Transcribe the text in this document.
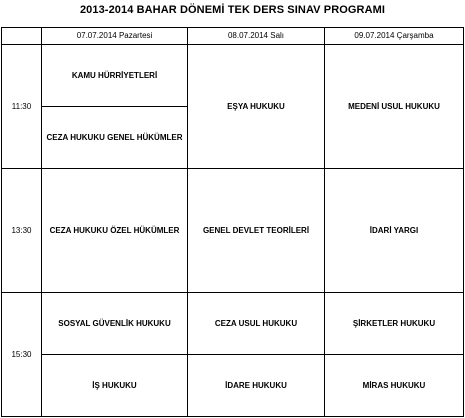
2013-2014 BAHAR DÖNEMİ TEK DERS SINAV PROGRAMI
	07.07.2014 Pazartesi	08.07.2014 Salı	09.07.2014 Çarşamba
11:30	KAMU HÜRRİYETLERİ	EŞYA HUKUKU	MEDENİ USUL HUKUKU
	CEZA HUKUKU GENEL HÜKÜMLER		
13:30	CEZA HUKUKU ÖZEL HÜKÜMLER	GENEL DEVLET TEORİLERİ	İDARİ YARGI
15:30	SOSYAL GÜVENLİK HUKUKU	CEZA USUL HUKUKU	ŞİRKETLER HUKUKU
	İŞ HUKUKU	İDARE HUKUKU	MİRAS HUKUKU
